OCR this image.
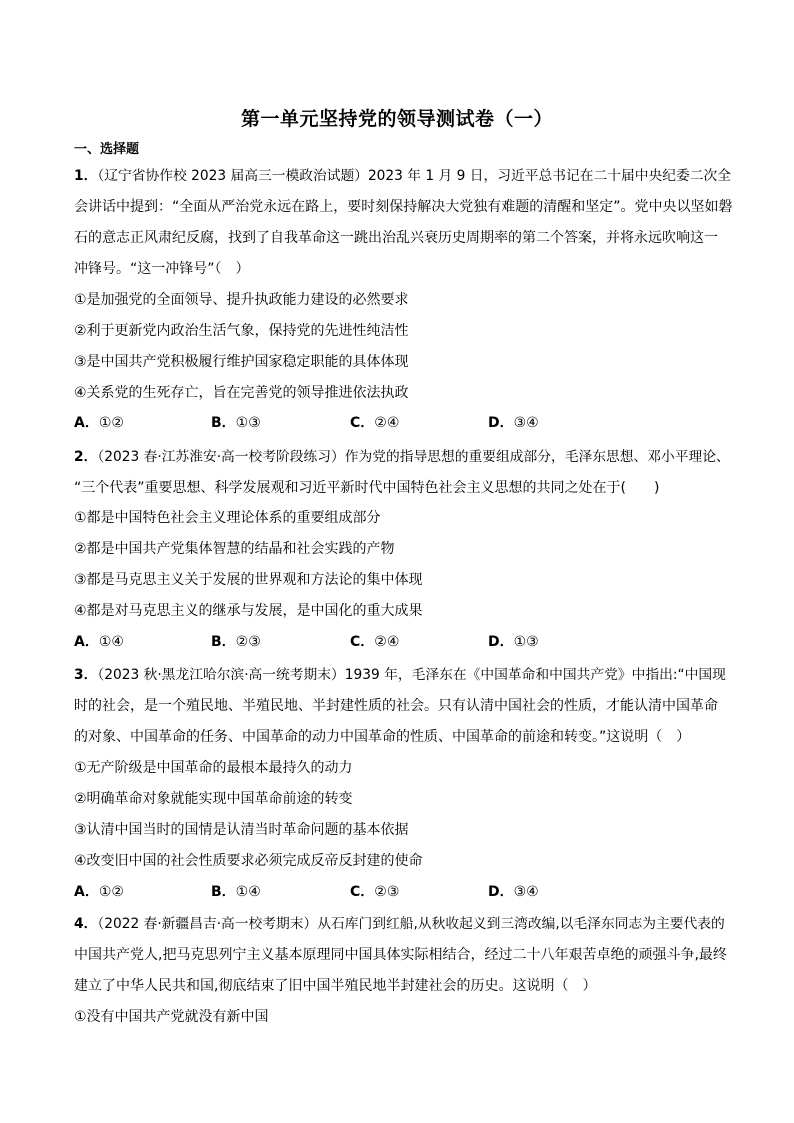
第一单元坚持党的领导测试卷（一）
一、选择题
1．（辽宁省协作校 2023 届高三一模政治试题）2023 年 1 月 9 日，习近平总书记在二十届中央纪委二次全
会讲话中提到：“全面从严治党永远在路上，要时刻保持解决大党独有难题的清醒和坚定”。党中央以坚如磐
石的意志正风肃纪反腐，找到了自我革命这一跳出治乱兴衰历史周期率的第二个答案，并将永远吹响这一
冲锋号。“这一冲锋号”（　）
①是加强党的全面领导、提升执政能力建设的必然要求
②利于更新党内政治生活气象，保持党的先进性纯洁性
③是中国共产党积极履行维护国家稳定职能的具体体现
④关系党的生死存亡，旨在完善党的领导推进依法执政
A．①②	B．①③	C．②④	D．③④
2．（2023 春·江苏淮安·高一校考阶段练习）作为党的指导思想的重要组成部分，毛泽东思想、邓小平理论、
“三个代表”重要思想、科学发展观和习近平新时代中国特色社会主义思想的共同之处在于(　　)
①都是中国特色社会主义理论体系的重要组成部分
②都是中国共产党集体智慧的结晶和社会实践的产物
③都是马克思主义关于发展的世界观和方法论的集中体现
④都是对马克思主义的继承与发展，是中国化的重大成果
A．①④	B．②③	C．②④	D．①③
3．（2023 秋·黑龙江哈尔滨·高一统考期末）1939 年，毛泽东在《中国革命和中国共产党》中指出:“中国现
时的社会，是一个殖民地、半殖民地、半封建性质的社会。只有认清中国社会的性质，才能认清中国革命
的对象、中国革命的任务、中国革命的动力中国革命的性质、中国革命的前途和转变。”这说明（　）
①无产阶级是中国革命的最根本最持久的动力
②明确革命对象就能实现中国革命前途的转变
③认清中国当时的国情是认清当时革命问题的基本依据
④改变旧中国的社会性质要求必须完成反帝反封建的使命
A．①②	B．①④	C．②③	D．③④
4．（2022 春·新疆昌吉·高一校考期末）从石库门到红船,从秋收起义到三湾改编,以毛泽东同志为主要代表的
中国共产党人,把马克思列宁主义基本原理同中国具体实际相结合，经过二十八年艰苦卓绝的顽强斗争,最终
建立了中华人民共和国,彻底结束了旧中国半殖民地半封建社会的历史。这说明（　）
①没有中国共产党就没有新中国
